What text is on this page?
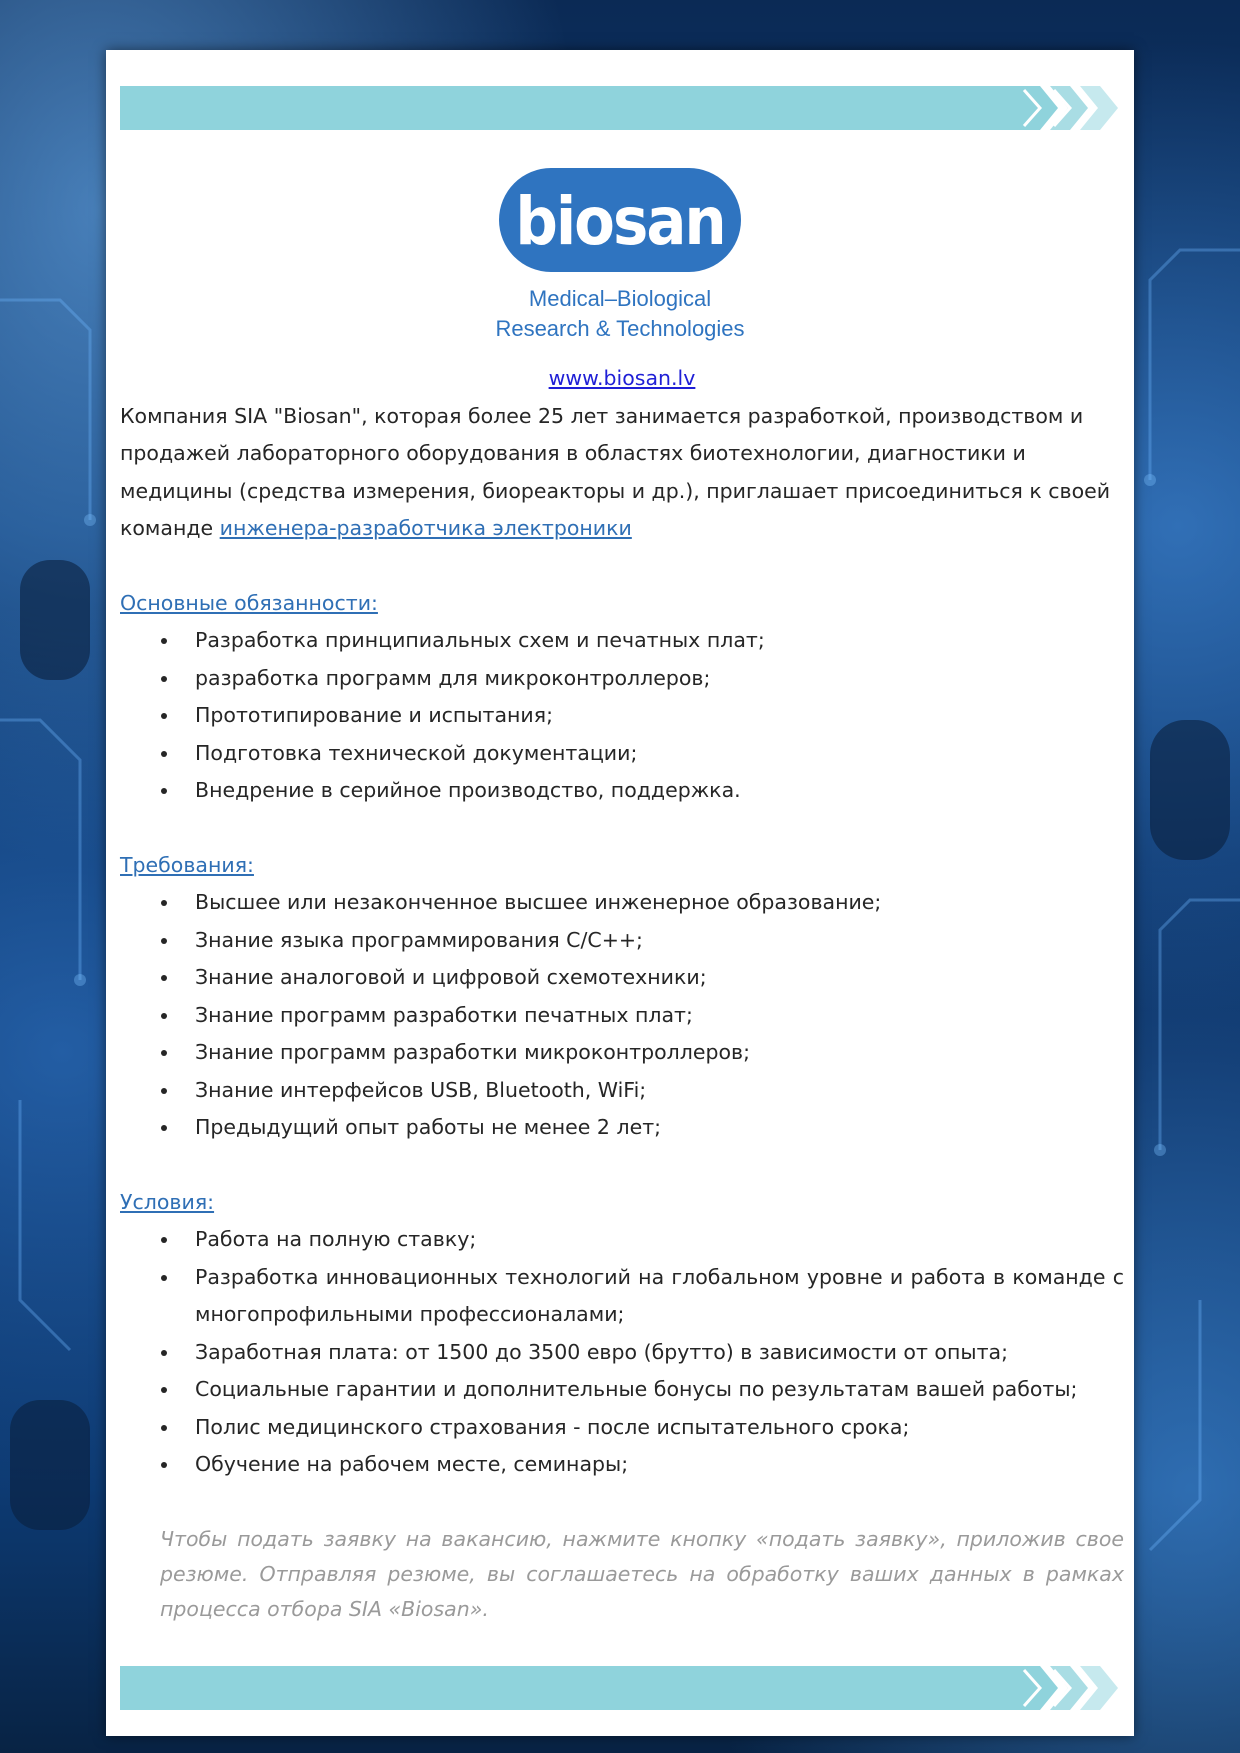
biosan
Medical–Biological
Research & Technologies
www.biosan.lv

Компания SIA "Biosan", которая более 25 лет занимается разработкой, производством и продажей лабораторного оборудования в областях биотехнологии, диагностики и медицины (средства измерения, биореакторы и др.), приглашает присоединиться к своей команде инженера-разработчика электроники

Основные обязанности:
Разработка принципиальных схем и печатных плат;
разработка программ для микроконтроллеров;
Прототипирование и испытания;
Подготовка технической документации;
Внедрение в серийное производство, поддержка.
Требования:
Высшее или незаконченное высшее инженерное образование;
Знание языка программирования C/C++;
Знание аналоговой и цифровой схемотехники;
Знание программ разработки печатных плат;
Знание программ разработки микроконтроллеров;
Знание интерфейсов USB, Bluetooth, WiFi;
Предыдущий опыт работы не менее 2 лет;
Условия:
Работа на полную ставку;
Разработка инновационных технологий на глобальном уровне и работа в команде с многопрофильными профессионалами;
Заработная плата: от 1500 до 3500 евро (брутто) в зависимости от опыта;
Социальные гарантии и дополнительные бонусы по результатам вашей работы;
Полис медицинского страхования - после испытательного срока;
Обучение на рабочем месте, семинары;
Чтобы подать заявку на вакансию, нажмите кнопку «подать заявку», приложив свое резюме. Отправляя резюме, вы соглашаетесь на обработку ваших данных в рамках процесса отбора SIA «Biosan».
